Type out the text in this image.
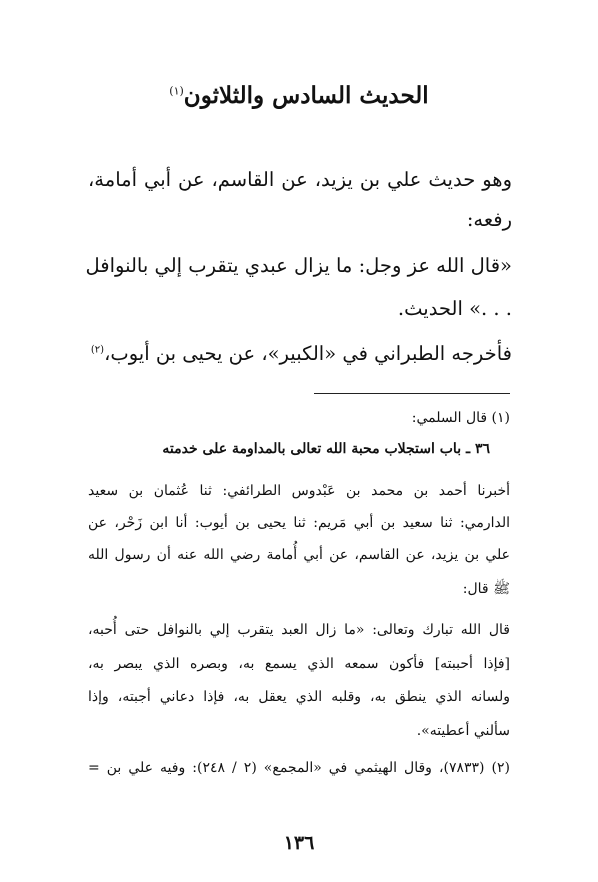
الحديث السادس والثلاثون$^{(١)}$
وهو حديث علي بن يزيد، عن القاسم، عن أبي أمامة،
رفعه:
«قال الله عز وجل: ما يزال عبدي يتقرب إلي بالنوافل
. . .» الحديث.
فأخرجه الطبراني في «الكبير»، عن يحيى بن أيوب،$^{(٢)}$
(١) قال السلمي:
٣٦ ـ باب استجلاب محبة الله تعالى بالمداومة على خدمته
أخبرنا أحمد بن محمد بن عَبْدوس الطرائفي: ثنا عُثمان بن سعيد
الدارمي: ثنا سعيد بن أبي مَريم: ثنا يحيى بن أيوب: أنا ابن زَحْر، عن
علي بن يزيد، عن القاسم، عن أبي أُمامة رضي الله عنه أن رسول الله
ﷺ قال:
قال الله تبارك وتعالى: «ما زال العبد يتقرب إلي بالنوافل حتى أُحبه،
[فإذا أحببته] فأكون سمعه الذي يسمع به، وبصره الذي يبصر به،
ولسانه الذي ينطق به، وقلبه الذي يعقل به، فإذا دعاني أجبته، وإذا
سألني أعطيته».
(٢) (٧٨٣٣)، وقال الهيثمي في «المجمع» (٢ / ٢٤٨): وفيه علي بن =
١٣٦
